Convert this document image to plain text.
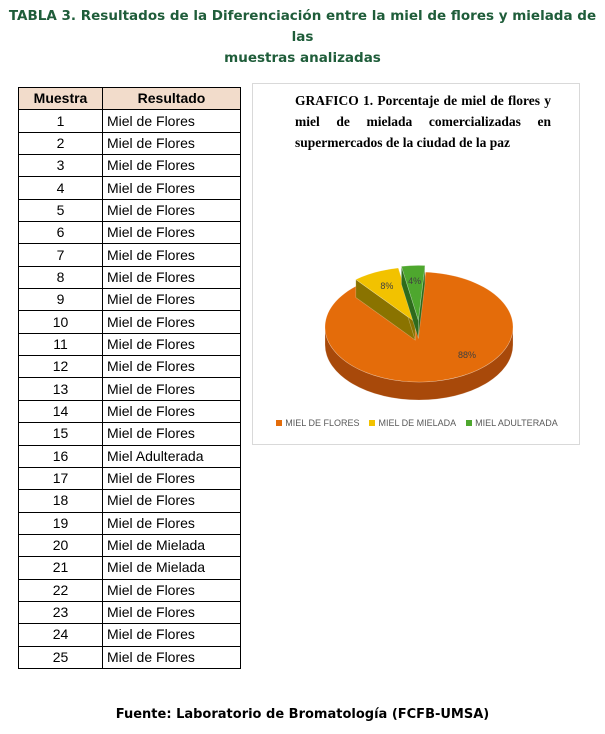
TABLA 3. Resultados de la Diferenciación entre la miel de flores y mielada de las
muestras analizadas
Muestra	Resultado
1	Miel de Flores
2	Miel de Flores
3	Miel de Flores
4	Miel de Flores
5	Miel de Flores
6	Miel de Flores
7	Miel de Flores
8	Miel de Flores
9	Miel de Flores
10	Miel de Flores
11	Miel de Flores
12	Miel de Flores
13	Miel de Flores
14	Miel de Flores
15	Miel de Flores
16	Miel Adulterada
17	Miel de Flores
18	Miel de Flores
19	Miel de Flores
20	Miel de Mielada
21	Miel de Mielada
22	Miel de Flores
23	Miel de Flores
24	Miel de Flores
25	Miel de Flores
GRAFICO 1. Porcentaje de miel de flores y
miel de mielada comercializadas en
supermercados de la ciudad de la paz
88%
8%
4%
MIEL DE FLORES MIEL DE MIELADA MIEL ADULTERADA
Fuente: Laboratorio de Bromatología (FCFB-UMSA)
